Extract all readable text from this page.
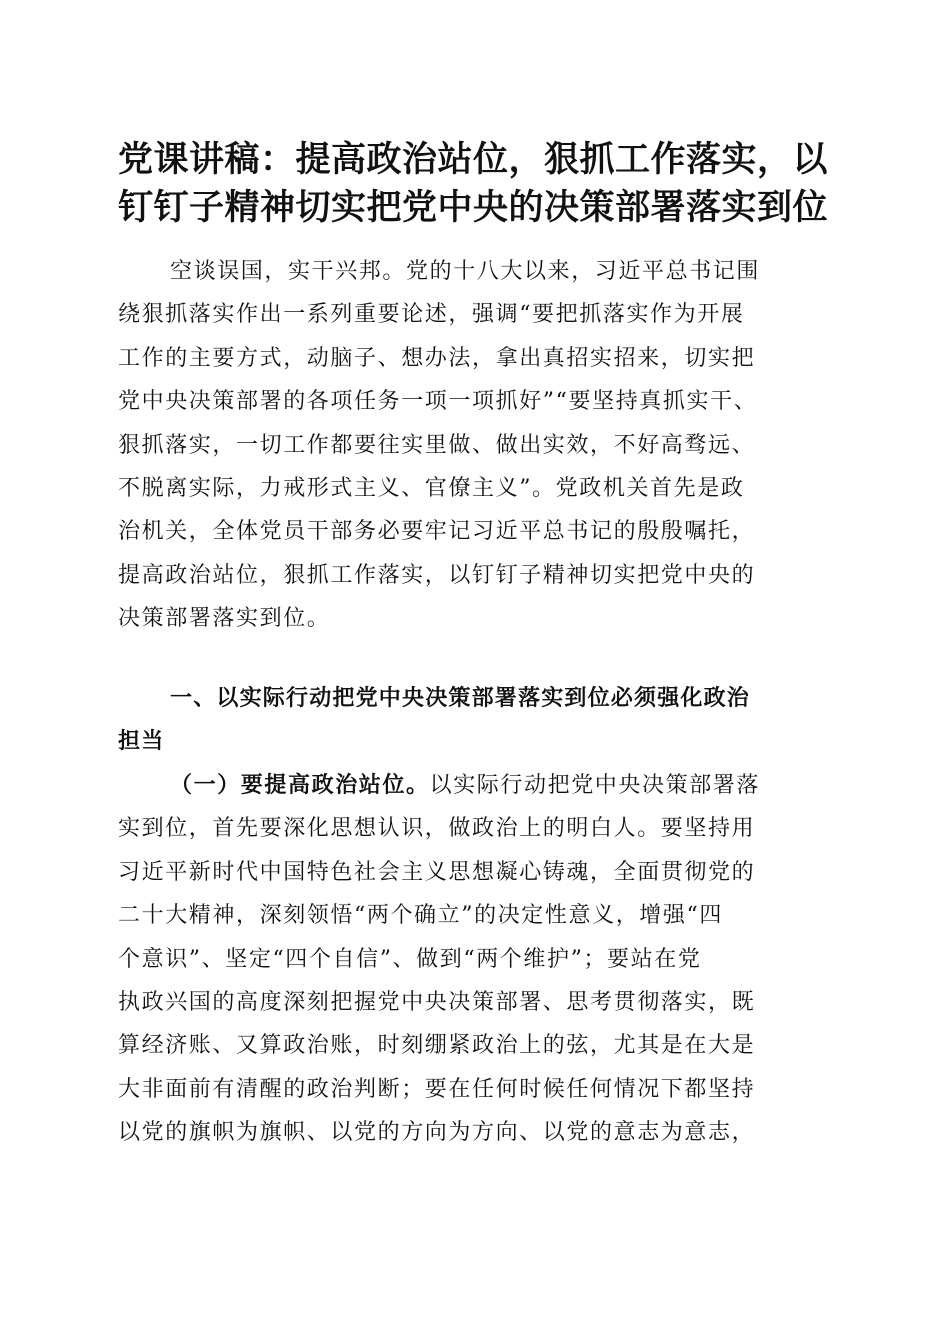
党课讲稿：提高政治站位，狠抓工作落实，以
钉钉子精神切实把党中央的决策部署落实到位

空谈误国，实干兴邦。党的十八大以来，习近平总书记围
绕狠抓落实作出一系列重要论述，强调“要把抓落实作为开展
工作的主要方式，动脑子、想办法，拿出真招实招来，切实把
党中央决策部署的各项任务一项一项抓好”“要坚持真抓实干、
狠抓落实，一切工作都要往实里做、做出实效，不好高骛远、
不脱离实际，力戒形式主义、官僚主义”。党政机关首先是政
治机关，全体党员干部务必要牢记习近平总书记的殷殷嘱托，
提高政治站位，狠抓工作落实，以钉钉子精神切实把党中央的
决策部署落实到位。

一、以实际行动把党中央决策部署落实到位必须强化政治
担当

（一）要提高政治站位。以实际行动把党中央决策部署落
实到位，首先要深化思想认识，做政治上的明白人。要坚持用
习近平新时代中国特色社会主义思想凝心铸魂，全面贯彻党的
二十大精神，深刻领悟“两个确立”的决定性意义，增强“四
个意识”、坚定“四个自信”、做到“两个维护”；要站在党
执政兴国的高度深刻把握党中央决策部署、思考贯彻落实，既
算经济账、又算政治账，时刻绷紧政治上的弦，尤其是在大是
大非面前有清醒的政治判断；要在任何时候任何情况下都坚持
以党的旗帜为旗帜、以党的方向为方向、以党的意志为意志，
